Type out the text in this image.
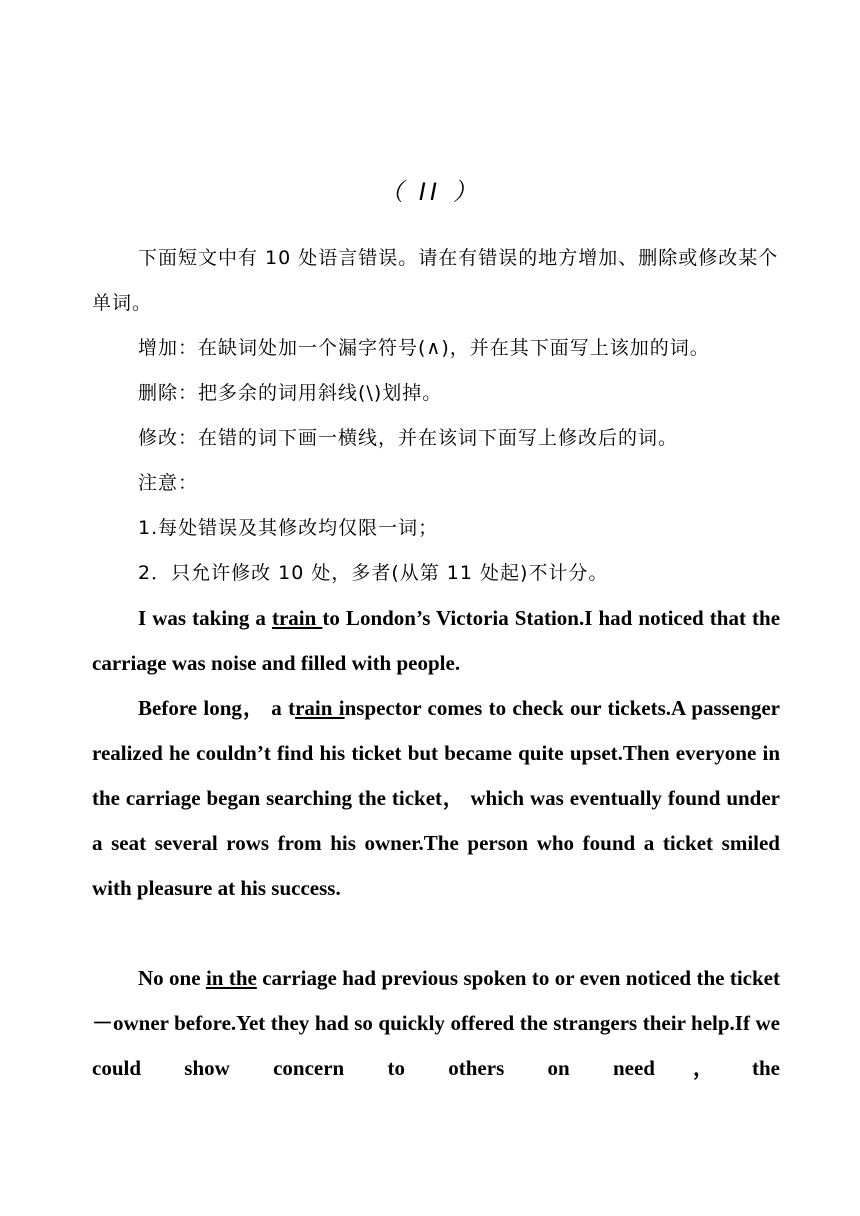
（ II ）

下面短文中有 10 处语言错误。请在有错误的地方增加、删除或修改某个单词。

增加：在缺词处加一个漏字符号(∧)，并在其下面写上该加的词。

删除：把多余的词用斜线(\)划掉。

修改：在错的词下画一横线，并在该词下面写上修改后的词。

注意：

1.每处错误及其修改均仅限一词；

2．只允许修改 10 处，多者(从第 11 处起)不计分。

I was taking a train to London’s Victoria Station.I had noticed that the carriage was noise and filled with people.

Before long， a train inspector comes to check our tickets.A passenger realized he couldn’t find his ticket but became quite upset.Then everyone in the carriage began searching the ticket， which was eventually found under a seat several rows from his owner.The person who found a ticket smiled with pleasure at his success.

No one in the carriage had previous spoken to or even noticed the ticket－owner before.Yet they had so quickly offered the strangers their help.If we could show concern to others on need，the
